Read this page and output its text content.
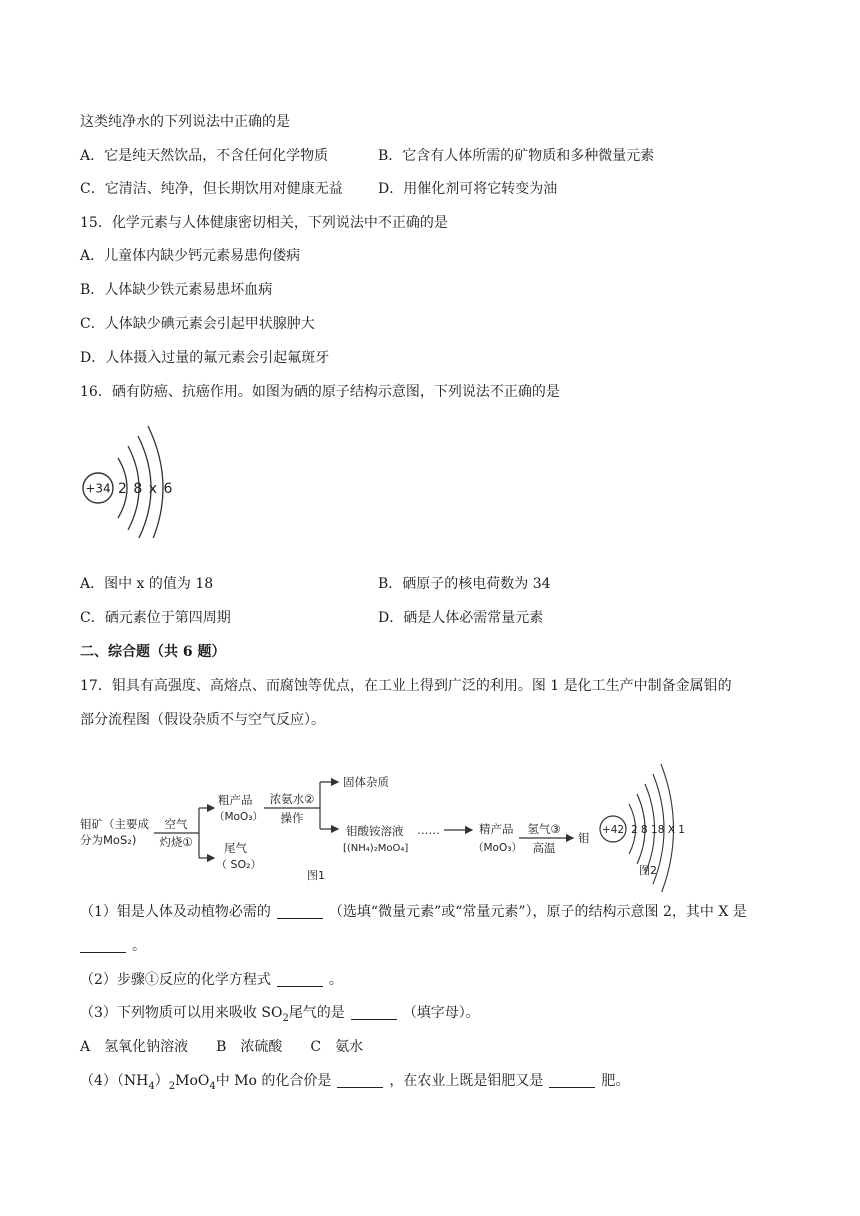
这类纯净水的下列说法中正确的是
A．它是纯天然饮品，不含任何化学物质	B．它含有人体所需的矿物质和多种微量元素
C．它清洁、纯净，但长期饮用对健康无益	D．用催化剂可将它转变为油
15．化学元素与人体健康密切相关，下列说法中不正确的是
A．儿童体内缺少钙元素易患佝偻病
B．人体缺少铁元素易患坏血病
C．人体缺少碘元素会引起甲状腺肿大
D．人体摄入过量的氟元素会引起氟斑牙
16．硒有防癌、抗癌作用。如图为硒的原子结构示意图，下列说法不正确的是
+34 2 8 x 6
A．图中 x 的值为 18	B．硒原子的核电荷数为 34
C．硒元素位于第四周期	D．硒是人体必需常量元素
二、综合题（共 6 题）
17．钼具有高强度、高熔点、而腐蚀等优点，在工业上得到广泛的利用。图 1 是化工生产中制备金属钼的
部分流程图（假设杂质不与空气反应）。
钼矿（主要成
分为MoS₂)
空气
灼烧①
粗产品
（MoO₃）
尾气
（ SO₂）
浓氨水②
操作
固体杂质
钼酸铵溶液
[(NH₄)₂MoO₄]
……	精产品
（MoO₃）
氢气③
高温
钼
图1
+42 2 8 18 X 1
图2
（1）钼是人体及动植物必需的	（选填“微量元素”或“常量元素”），原子的结构示意图 2，其中 X 是
。
（2）步骤①反应的化学方程式	。
（3）下列物质可以用来吸收 $SO_2$尾气的是	（填字母）。
A　氢氧化钠溶液　　B　浓硫酸　　C　氨水
$(4)(NH_4)_2MoO_4$中 Mo 的化合价是	，在农业上既是钼肥又是	肥。
